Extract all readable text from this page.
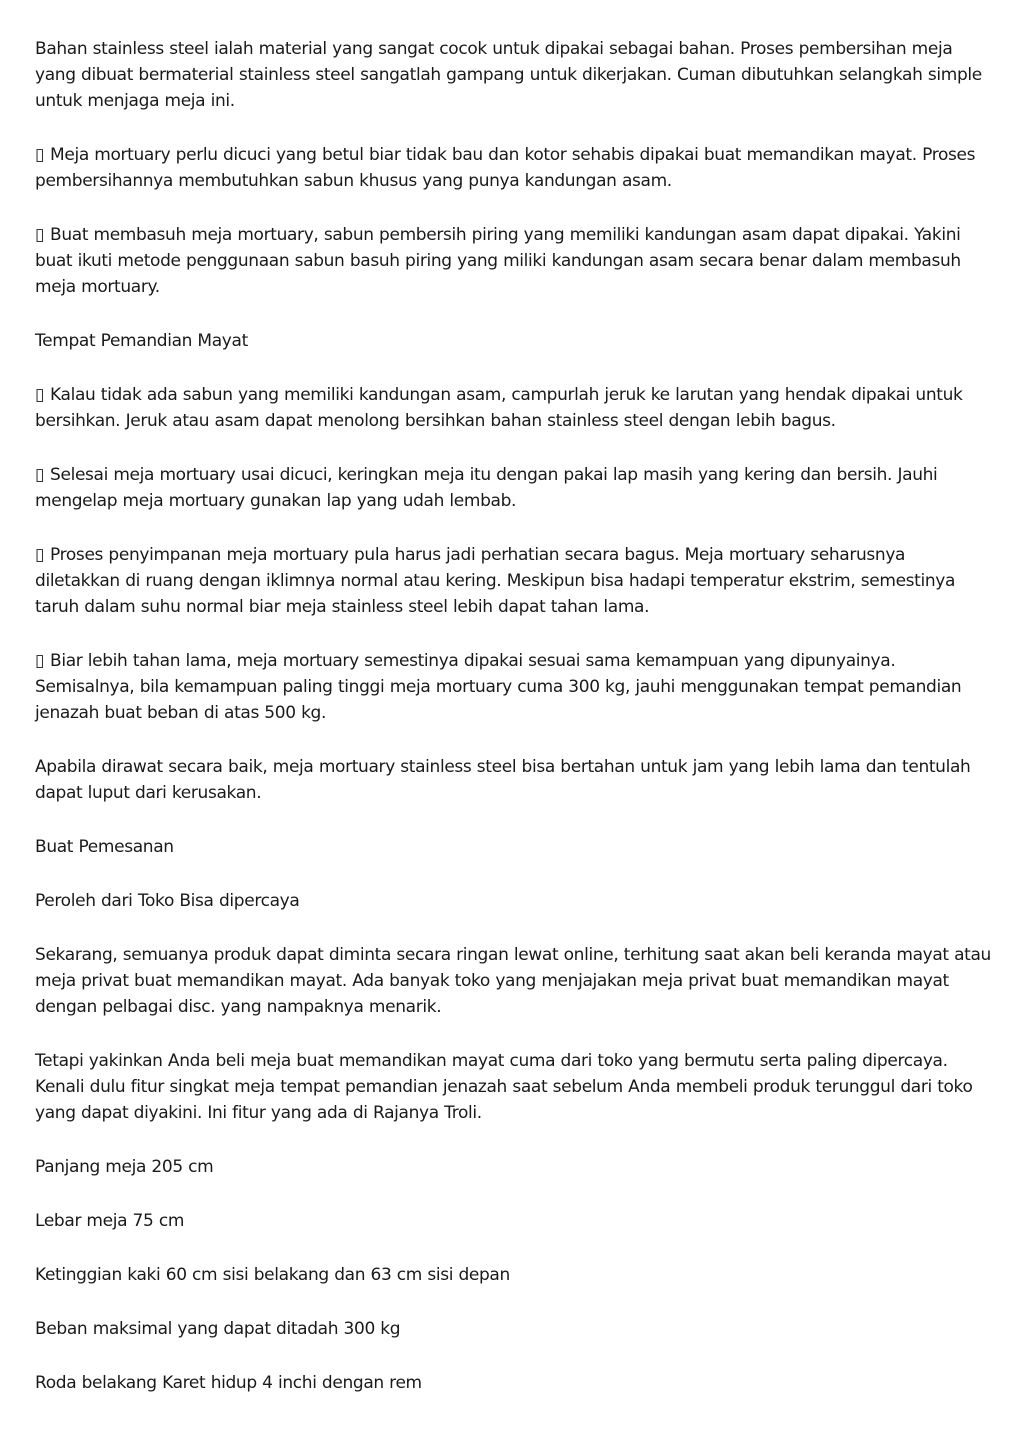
Bahan stainless steel ialah material yang sangat cocok untuk dipakai sebagai bahan. Proses pembersihan meja yang dibuat bermaterial stainless steel sangatlah gampang untuk dikerjakan. Cuman dibutuhkan selangkah simple untuk menjaga meja ini.

▯ Meja mortuary perlu dicuci yang betul biar tidak bau dan kotor sehabis dipakai buat memandikan mayat. Proses pembersihannya membutuhkan sabun khusus yang punya kandungan asam.

▯ Buat membasuh meja mortuary, sabun pembersih piring yang memiliki kandungan asam dapat dipakai. Yakini buat ikuti metode penggunaan sabun basuh piring yang miliki kandungan asam secara benar dalam membasuh meja mortuary.

Tempat Pemandian Mayat

▯ Kalau tidak ada sabun yang memiliki kandungan asam, campurlah jeruk ke larutan yang hendak dipakai untuk bersihkan. Jeruk atau asam dapat menolong bersihkan bahan stainless steel dengan lebih bagus.

▯ Selesai meja mortuary usai dicuci, keringkan meja itu dengan pakai lap masih yang kering dan bersih. Jauhi mengelap meja mortuary gunakan lap yang udah lembab.

▯ Proses penyimpanan meja mortuary pula harus jadi perhatian secara bagus. Meja mortuary seharusnya diletakkan di ruang dengan iklimnya normal atau kering. Meskipun bisa hadapi temperatur ekstrim, semestinya taruh dalam suhu normal biar meja stainless steel lebih dapat tahan lama.

▯ Biar lebih tahan lama, meja mortuary semestinya dipakai sesuai sama kemampuan yang dipunyainya. Semisalnya, bila kemampuan paling tinggi meja mortuary cuma 300 kg, jauhi menggunakan tempat pemandian jenazah buat beban di atas 500 kg.

Apabila dirawat secara baik, meja mortuary stainless steel bisa bertahan untuk jam yang lebih lama dan tentulah dapat luput dari kerusakan.

Buat Pemesanan

Peroleh dari Toko Bisa dipercaya

Sekarang, semuanya produk dapat diminta secara ringan lewat online, terhitung saat akan beli keranda mayat atau meja privat buat memandikan mayat. Ada banyak toko yang menjajakan meja privat buat memandikan mayat dengan pelbagai disc. yang nampaknya menarik.

Tetapi yakinkan Anda beli meja buat memandikan mayat cuma dari toko yang bermutu serta paling dipercaya. Kenali dulu fitur singkat meja tempat pemandian jenazah saat sebelum Anda membeli produk terunggul dari toko yang dapat diyakini. Ini fitur yang ada di Rajanya Troli.

Panjang meja 205 cm

Lebar meja 75 cm

Ketinggian kaki 60 cm sisi belakang dan 63 cm sisi depan

Beban maksimal yang dapat ditadah 300 kg

Roda belakang Karet hidup 4 inchi dengan rem
